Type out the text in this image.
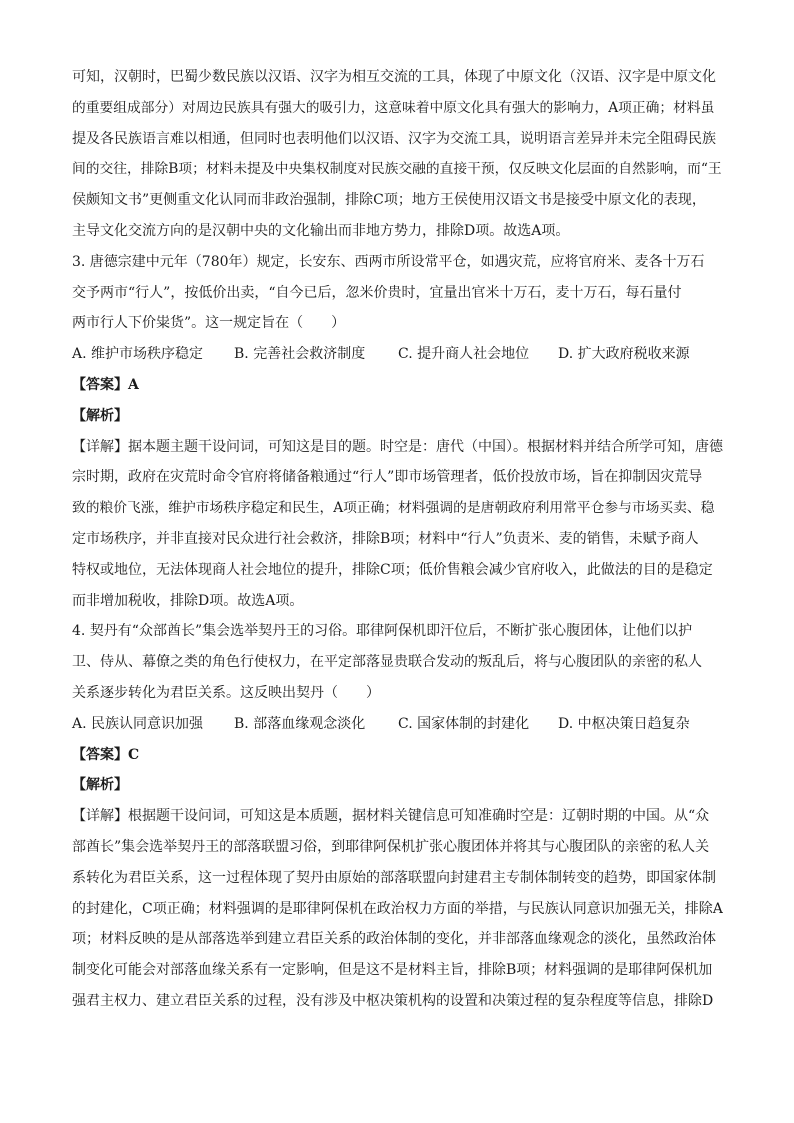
可知，汉朝时，巴蜀少数民族以汉语、汉字为相互交流的工具，体现了中原文化（汉语、汉字是中原文化
的重要组成部分）对周边民族具有强大的吸引力，这意味着中原文化具有强大的影响力，A项正确；材料虽
提及各民族语言难以相通，但同时也表明他们以汉语、汉字为交流工具，说明语言差异并未完全阻碍民族
间的交往，排除B项；材料未提及中央集权制度对民族交融的直接干预，仅反映文化层面的自然影响，而“王
侯颇知文书”更侧重文化认同而非政治强制，排除C项；地方王侯使用汉语文书是接受中原文化的表现，
主导文化交流方向的是汉朝中央的文化输出而非地方势力，排除D项。故选A项。
3. 唐德宗建中元年（780年）规定，长安东、西两市所设常平仓，如遇灾荒，应将官府米、麦各十万石
交予两市“行人”，按低价出卖，“自今已后，忽米价贵时，宜量出官米十万石，麦十万石，每石量付
两市行人下价粜货”。这一规定旨在（　　）
A. 维护市场秩序稳定	B. 完善社会救济制度	C. 提升商人社会地位	D. 扩大政府税收来源
【答案】A
【解析】
【详解】据本题主题干设问词，可知这是目的题。时空是：唐代（中国）。根据材料并结合所学可知，唐德
宗时期，政府在灾荒时命令官府将储备粮通过“行人”即市场管理者，低价投放市场，旨在抑制因灾荒导
致的粮价飞涨，维护市场秩序稳定和民生，A项正确；材料强调的是唐朝政府利用常平仓参与市场买卖、稳
定市场秩序，并非直接对民众进行社会救济，排除B项；材料中“行人”负责米、麦的销售，未赋予商人
特权或地位，无法体现商人社会地位的提升，排除C项；低价售粮会减少官府收入，此做法的目的是稳定
而非增加税收，排除D项。故选A项。
4. 契丹有“众部酋长”集会选举契丹王的习俗。耶律阿保机即汗位后，不断扩张心腹团体，让他们以护
卫、侍从、幕僚之类的角色行使权力，在平定部落显贵联合发动的叛乱后，将与心腹团队的亲密的私人
关系逐步转化为君臣关系。这反映出契丹（　　）
A. 民族认同意识加强	B. 部落血缘观念淡化	C. 国家体制的封建化	D. 中枢决策日趋复杂
【答案】C
【解析】
【详解】根据题干设问词，可知这是本质题，据材料关键信息可知准确时空是：辽朝时期的中国。从“众
部酋长”集会选举契丹王的部落联盟习俗，到耶律阿保机扩张心腹团体并将其与心腹团队的亲密的私人关
系转化为君臣关系，这一过程体现了契丹由原始的部落联盟向封建君主专制体制转变的趋势，即国家体制
的封建化，C项正确；材料强调的是耶律阿保机在政治权力方面的举措，与民族认同意识加强无关，排除A
项；材料反映的是从部落选举到建立君臣关系的政治体制的变化，并非部落血缘观念的淡化，虽然政治体
制变化可能会对部落血缘关系有一定影响，但是这不是材料主旨，排除B项；材料强调的是耶律阿保机加
强君主权力、建立君臣关系的过程，没有涉及中枢决策机构的设置和决策过程的复杂程度等信息，排除D
